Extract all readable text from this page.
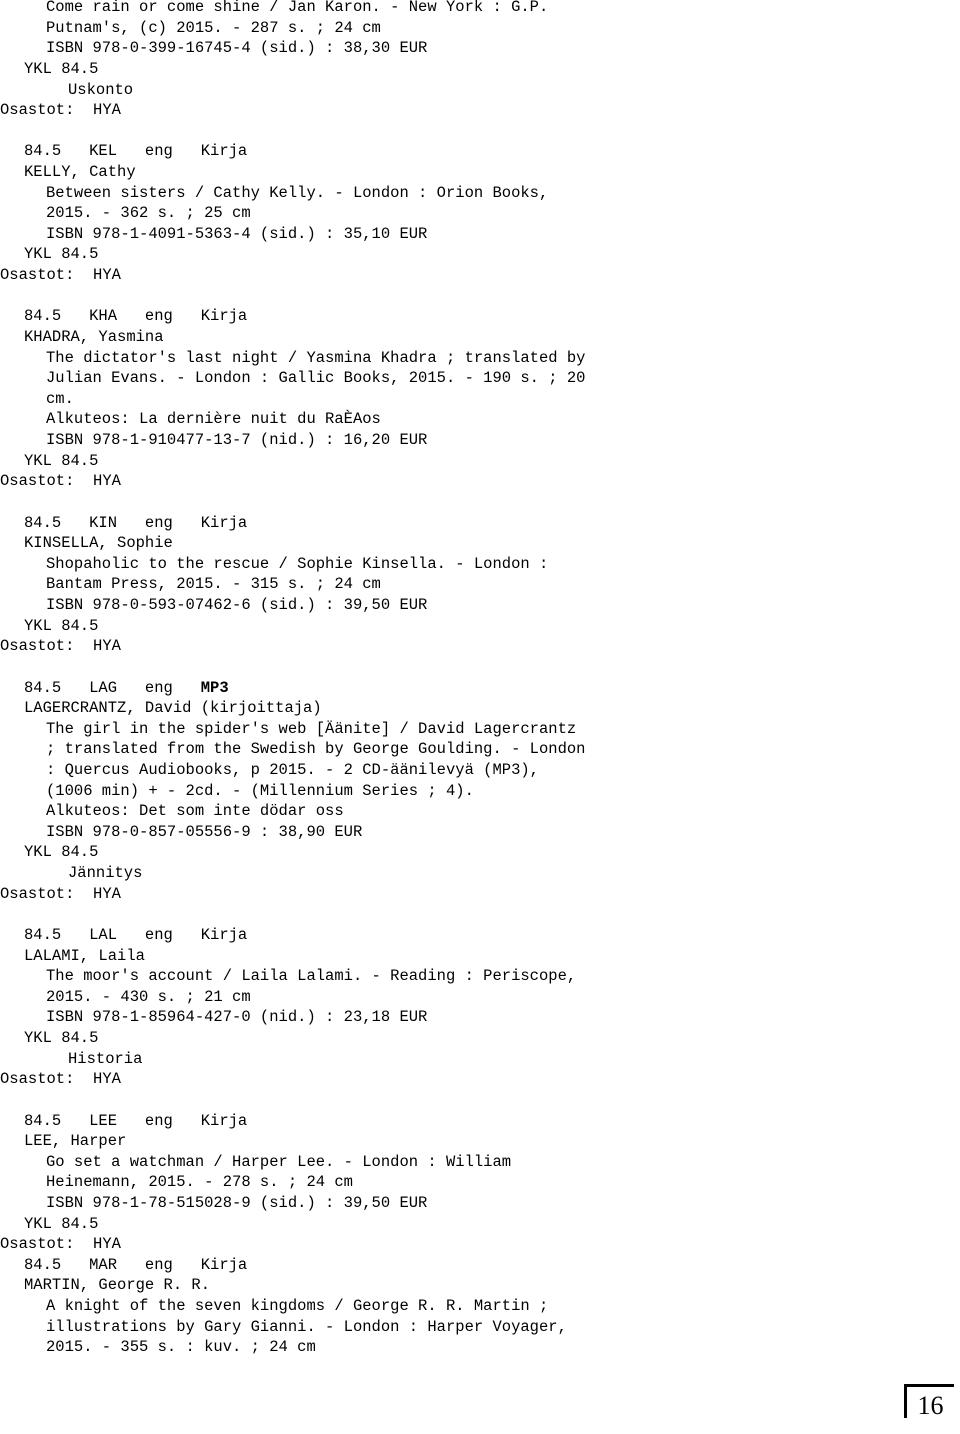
Come rain or come shine / Jan Karon. - New York : G.P.
Putnam's, (c) 2015. - 287 s. ; 24 cm
ISBN 978-0-399-16745-4 (sid.) : 38,30 EUR
YKL 84.5
Uskonto
Osastot:  HYA
84.5   KEL   eng   Kirja
KELLY, Cathy
Between sisters / Cathy Kelly. - London : Orion Books,
2015. - 362 s. ; 25 cm
ISBN 978-1-4091-5363-4 (sid.) : 35,10 EUR
YKL 84.5
Osastot:  HYA
84.5   KHA   eng   Kirja
KHADRA, Yasmina
The dictator's last night / Yasmina Khadra ; translated by
Julian Evans. - London : Gallic Books, 2015. - 190 s. ; 20
cm.
Alkuteos: La dernière nuit du RaÈAos
ISBN 978-1-910477-13-7 (nid.) : 16,20 EUR
YKL 84.5
Osastot:  HYA
84.5   KIN   eng   Kirja
KINSELLA, Sophie
Shopaholic to the rescue / Sophie Kinsella. - London :
Bantam Press, 2015. - 315 s. ; 24 cm
ISBN 978-0-593-07462-6 (sid.) : 39,50 EUR
YKL 84.5
Osastot:  HYA
84.5   LAG   eng   MP3
LAGERCRANTZ, David (kirjoittaja)
The girl in the spider's web [Äänite] / David Lagercrantz
; translated from the Swedish by George Goulding. - London
: Quercus Audiobooks, p 2015. - 2 CD-äänilevyä (MP3),
(1006 min) + - 2cd. - (Millennium Series ; 4).
Alkuteos: Det som inte dödar oss
ISBN 978-0-857-05556-9 : 38,90 EUR
YKL 84.5
Jännitys
Osastot:  HYA
84.5   LAL   eng   Kirja
LALAMI, Laila
The moor's account / Laila Lalami. - Reading : Periscope,
2015. - 430 s. ; 21 cm
ISBN 978-1-85964-427-0 (nid.) : 23,18 EUR
YKL 84.5
Historia
Osastot:  HYA
84.5   LEE   eng   Kirja
LEE, Harper
Go set a watchman / Harper Lee. - London : William
Heinemann, 2015. - 278 s. ; 24 cm
ISBN 978-1-78-515028-9 (sid.) : 39,50 EUR
YKL 84.5
Osastot:  HYA
84.5   MAR   eng   Kirja
MARTIN, George R. R.
A knight of the seven kingdoms / George R. R. Martin ;
illustrations by Gary Gianni. - London : Harper Voyager,
2015. - 355 s. : kuv. ; 24 cm
16
